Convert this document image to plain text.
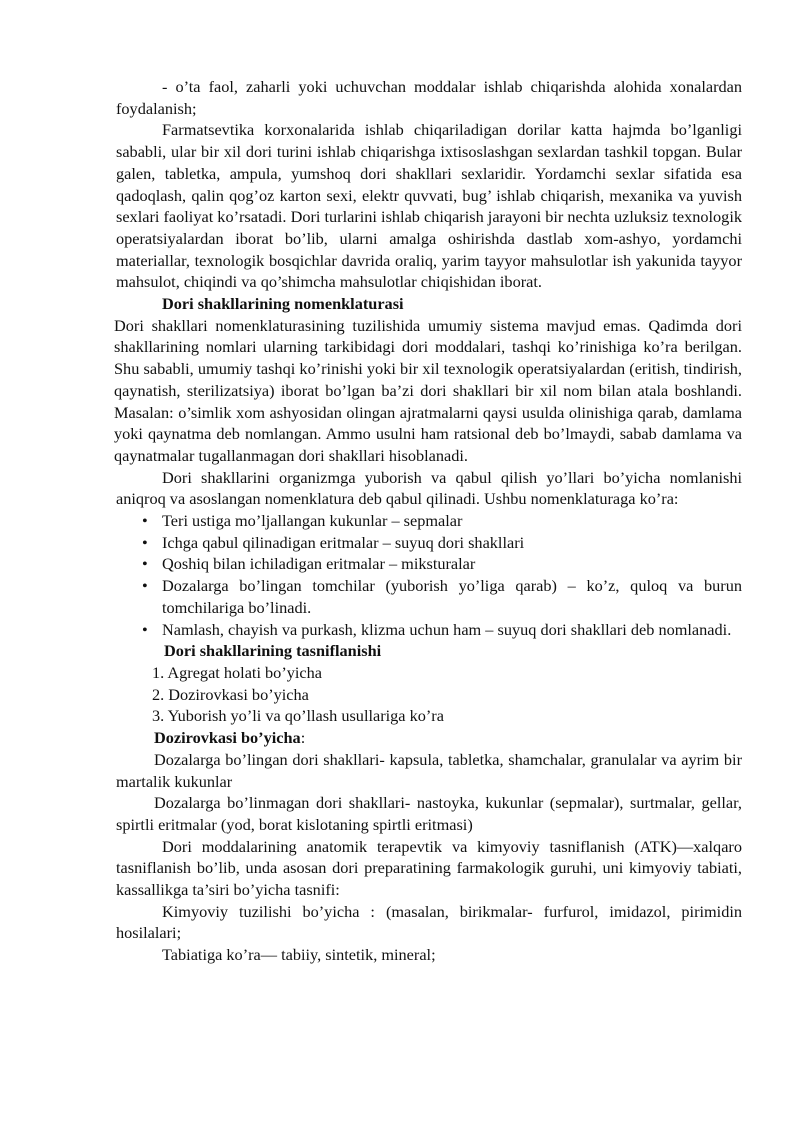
- o’ta faol, zaharli yoki uchuvchan moddalar ishlab chiqarishda alohida xonalardan foydalanish;

Farmatsevtika korxonalarida ishlab chiqariladigan dorilar katta hajmda bo’lganligi sababli, ular bir xil dori turini ishlab chiqarishga ixtisoslashgan sexlardan tashkil topgan. Bular galen, tabletka, ampula, yumshoq dori shakllari sexlaridir. Yordamchi sexlar sifatida esa qadoqlash, qalin qog’oz karton sexi, elektr quvvati, bug’ ishlab chiqarish, mexanika va yuvish sexlari faoliyat ko’rsatadi. Dori turlarini ishlab chiqarish jarayoni bir nechta uzluksiz texnologik operatsiyalardan iborat bo’lib, ularni amalga oshirishda dastlab xom-ashyo, yordamchi materiallar, texnologik bosqichlar davrida oraliq, yarim tayyor mahsulotlar ish yakunida tayyor mahsulot, chiqindi va qo’shimcha mahsulotlar chiqishidan iborat.

Dori shakllarining nomenklaturasi

Dori shakllari nomenklaturasining tuzilishida umumiy sistema mavjud emas. Qadimda dori shakllarining nomlari ularning tarkibidagi dori moddalari, tashqi ko’rinishiga ko’ra berilgan. Shu sababli, umumiy tashqi ko’rinishi yoki bir xil texnologik operatsiyalardan (eritish, tindirish, qaynatish, sterilizatsiya) iborat bo’lgan ba’zi dori shakllari bir xil nom bilan atala boshlandi. Masalan: o’simlik xom ashyosidan olingan ajratmalarni qaysi usulda olinishiga qarab, damlama yoki qaynatma deb nomlangan. Ammo usulni ham ratsional deb bo’lmaydi, sabab damlama va qaynatmalar tugallanmagan dori shakllari hisoblanadi.

Dori shakllarini organizmga yuborish va qabul qilish yo’llari bo’yicha nomlanishi aniqroq va asoslangan nomenklatura deb qabul qilinadi. Ushbu nomenklaturaga ko’ra:

• Teri ustiga mo’ljallangan kukunlar – sepmalar
• Ichga qabul qilinadigan eritmalar – suyuq dori shakllari
• Qoshiq bilan ichiladigan eritmalar – miksturalar
• Dozalarga bo’lingan tomchilar (yuborish yo’liga qarab) – ko’z, quloq va burun tomchilariga bo’linadi.
• Namlash, chayish va purkash, klizma uchun ham – suyuq dori shakllari deb nomlanadi.

Dori shakllarining tasniflanishi

1. Agregat holati bo’yicha
2. Dozirovkasi bo’yicha
3. Yuborish yo’li va qo’llash usullariga ko’ra

Dozirovkasi bo’yicha:

Dozalarga bo’lingan dori shakllari- kapsula, tabletka, shamchalar, granulalar va ayrim bir martalik kukunlar

Dozalarga bo’linmagan dori shakllari- nastoyka, kukunlar (sepmalar), surtmalar, gellar, spirtli eritmalar (yod, borat kislotaning spirtli eritmasi)

Dori moddalarining anatomik terapevtik va kimyoviy tasniflanish (ATK)—xalqaro tasniflanish bo’lib, unda asosan dori preparatining farmakologik guruhi, uni kimyoviy tabiati, kassallikga ta’siri bo’yicha tasnifi:

Kimyoviy tuzilishi bo’yicha : (masalan, birikmalar- furfurol, imidazol, pirimidin hosilalari;

Tabiatiga ko’ra— tabiiy, sintetik, mineral;
